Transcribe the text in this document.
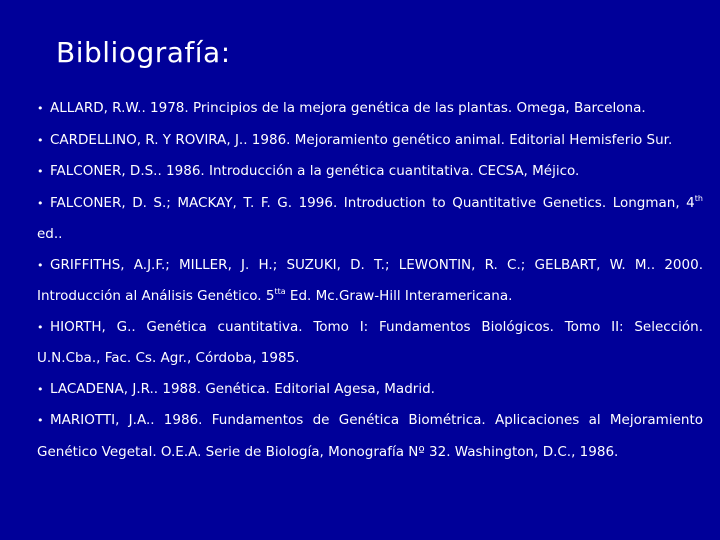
Bibliografía:

• ALLARD, R.W.. 1978. Principios de la mejora genética de las plantas. Omega, Barcelona.

• CARDELLINO, R. Y ROVIRA, J.. 1986. Mejoramiento genético animal. Editorial Hemisferio Sur.

• FALCONER, D.S.. 1986. Introducción a la genética cuantitativa. CECSA, Méjico.

• FALCONER, D. S.; MACKAY, T. F. G. 1996. Introduction to Quantitative Genetics. Longman, 4th ed..

• GRIFFITHS, A.J.F.; MILLER, J. H.; SUZUKI, D. T.; LEWONTIN, R. C.; GELBART, W. M.. 2000. Introducción al Análisis Genético. $5^{tta}$ Ed. Mc.Graw-Hill Interamericana.

• HIORTH, G.. Genética cuantitativa. Tomo I: Fundamentos Biológicos. Tomo II: Selección. U.N.Cba., Fac. Cs. Agr., Córdoba, 1985.

• LACADENA, J.R.. 1988. Genética. Editorial Agesa, Madrid.

• MARIOTTI, J.A.. 1986. Fundamentos de Genética Biométrica. Aplicaciones al Mejoramiento Genético Vegetal. O.E.A. Serie de Biología, Monografía Nº 32. Washington, D.C., 1986.
